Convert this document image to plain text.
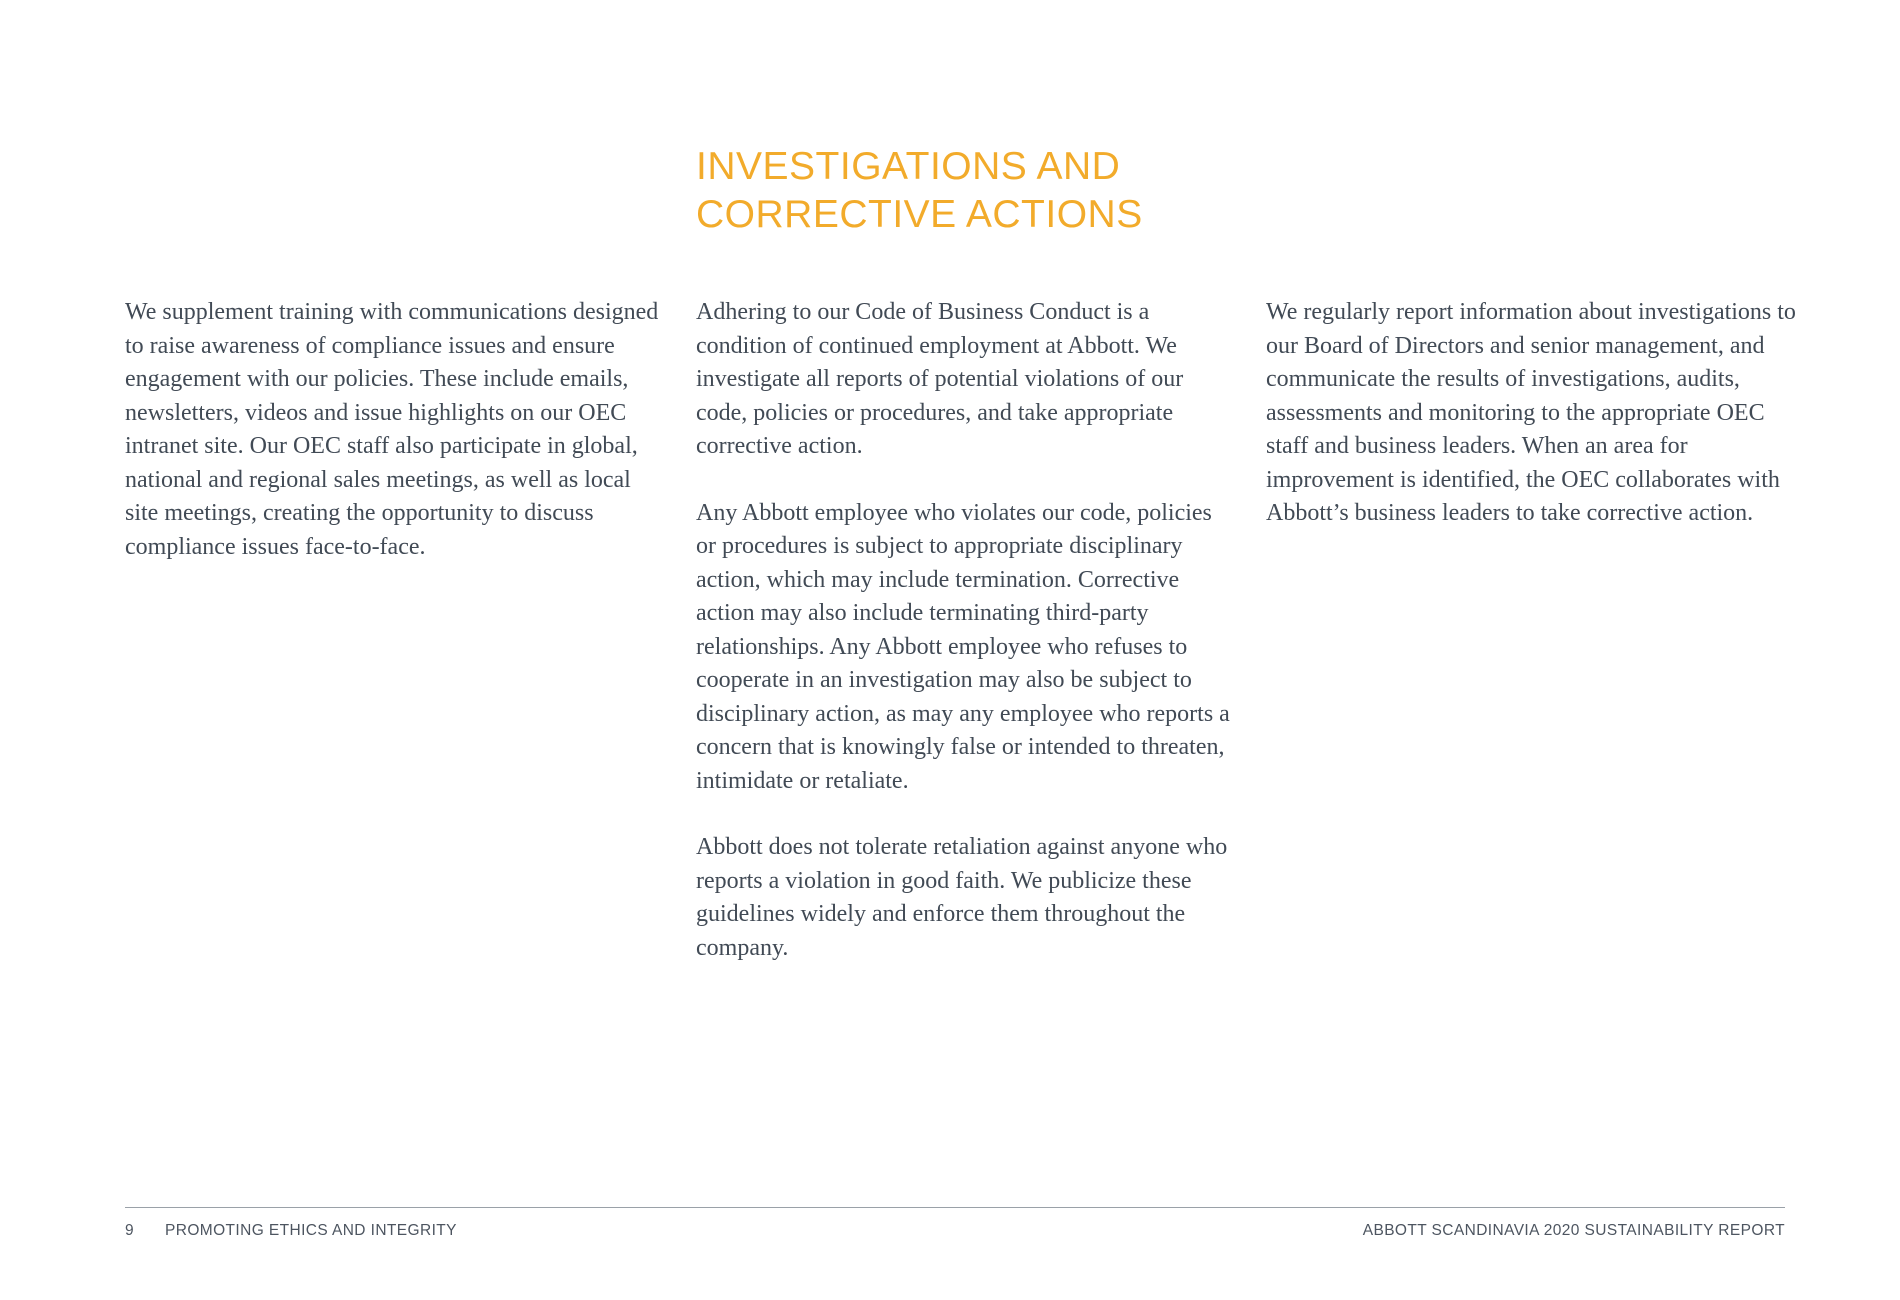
INVESTIGATIONS AND
CORRECTIVE ACTIONS

We supplement training with communications designed to raise awareness of compliance issues and ensure engagement with our policies. These include emails, newsletters, videos and issue highlights on our OEC intranet site. Our OEC staff also participate in global, national and regional sales meetings, as well as local site meetings, creating the opportunity to discuss compliance issues face-to-face.

Adhering to our Code of Business Conduct is a condition of continued employment at Abbott. We investigate all reports of potential violations of our code, policies or procedures, and take appropriate corrective action.

Any Abbott employee who violates our code, policies or procedures is subject to appropriate disciplinary action, which may include termination. Corrective action may also include terminating third-party relationships. Any Abbott employee who refuses to cooperate in an investigation may also be subject to disciplinary action, as may any employee who reports a concern that is knowingly false or intended to threaten, intimidate or retaliate.

Abbott does not tolerate retaliation against anyone who reports a violation in good faith. We publicize these guidelines widely and enforce them throughout the company.

We regularly report information about investigations to our Board of Directors and senior management, and communicate the results of investigations, audits, assessments and monitoring to the appropriate OEC staff and business leaders. When an area for improvement is identified, the OEC collaborates with Abbott’s business leaders to take corrective action.

9 PROMOTING ETHICS AND INTEGRITY	ABBOTT SCANDINAVIA 2020 SUSTAINABILITY REPORT
